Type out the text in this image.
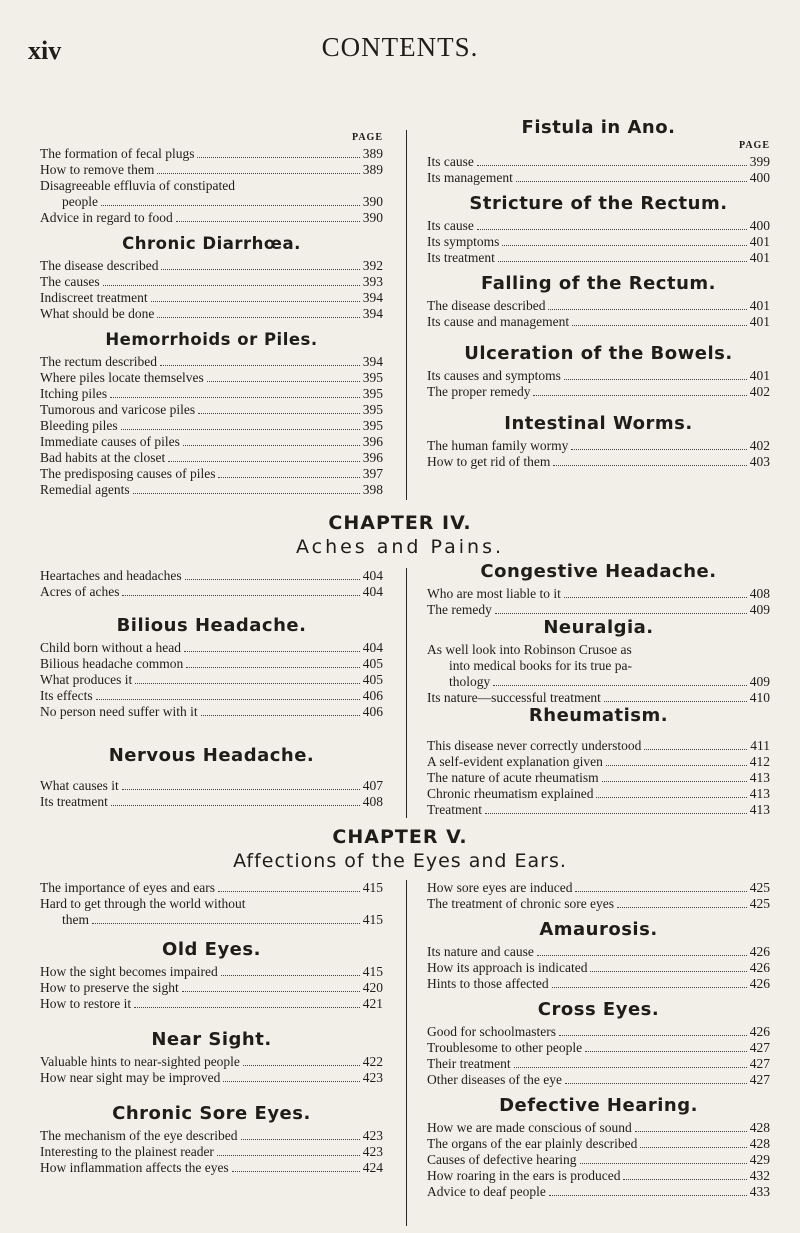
xiv	CONTENTS.
PAGE
The formation of fecal plugs	389
How to remove them	389
Disagreeable effluvia of constipated
people	390
Advice in regard to food	390
Chronic Diarrhœa.
The disease described	392
The causes	393
Indiscreet treatment	394
What should be done	394
Hemorrhoids or Piles.
The rectum described	394
Where piles locate themselves	395
Itching piles	395
Tumorous and varicose piles	395
Bleeding piles	395
Immediate causes of piles	396
Bad habits at the closet	396
The predisposing causes of piles	397
Remedial agents	398
Fistula in Ano.
PAGE
Its cause	399
Its management	400
Stricture of the Rectum.
Its cause	400
Its symptoms	401
Its treatment	401
Falling of the Rectum.
The disease described	401
Its cause and management	401
Ulceration of the Bowels.
Its causes and symptoms	401
The proper remedy	402
Intestinal Worms.
The human family wormy	402
How to get rid of them	403
CHAPTER IV.
Aches and Pains.
Heartaches and headaches	404
Acres of aches	404
Bilious Headache.
Child born without a head	404
Bilious headache common	405
What produces it	405
Its effects	406
No person need suffer with it	406
Nervous Headache.
What causes it	407
Its treatment	408
Congestive Headache.
Who are most liable to it	408
The remedy	409
Neuralgia.
As well look into Robinson Crusoe as
into medical books for its true pa-
thology	409
Its nature—successful treatment	410
Rheumatism.
This disease never correctly understood	411
A self-evident explanation given	412
The nature of acute rheumatism	413
Chronic rheumatism explained	413
Treatment	413
CHAPTER V.
Affections of the Eyes and Ears.
The importance of eyes and ears	415
Hard to get through the world without
them	415
Old Eyes.
How the sight becomes impaired	415
How to preserve the sight	420
How to restore it	421
Near Sight.
Valuable hints to near-sighted people	422
How near sight may be improved	423
Chronic Sore Eyes.
The mechanism of the eye described	423
Interesting to the plainest reader	423
How inflammation affects the eyes	424
How sore eyes are induced	425
The treatment of chronic sore eyes	425
Amaurosis.
Its nature and cause	426
How its approach is indicated	426
Hints to those affected	426
Cross Eyes.
Good for schoolmasters	426
Troublesome to other people	427
Their treatment	427
Other diseases of the eye	427
Defective Hearing.
How we are made conscious of sound	428
The organs of the ear plainly described	428
Causes of defective hearing	429
How roaring in the ears is produced	432
Advice to deaf people	433
